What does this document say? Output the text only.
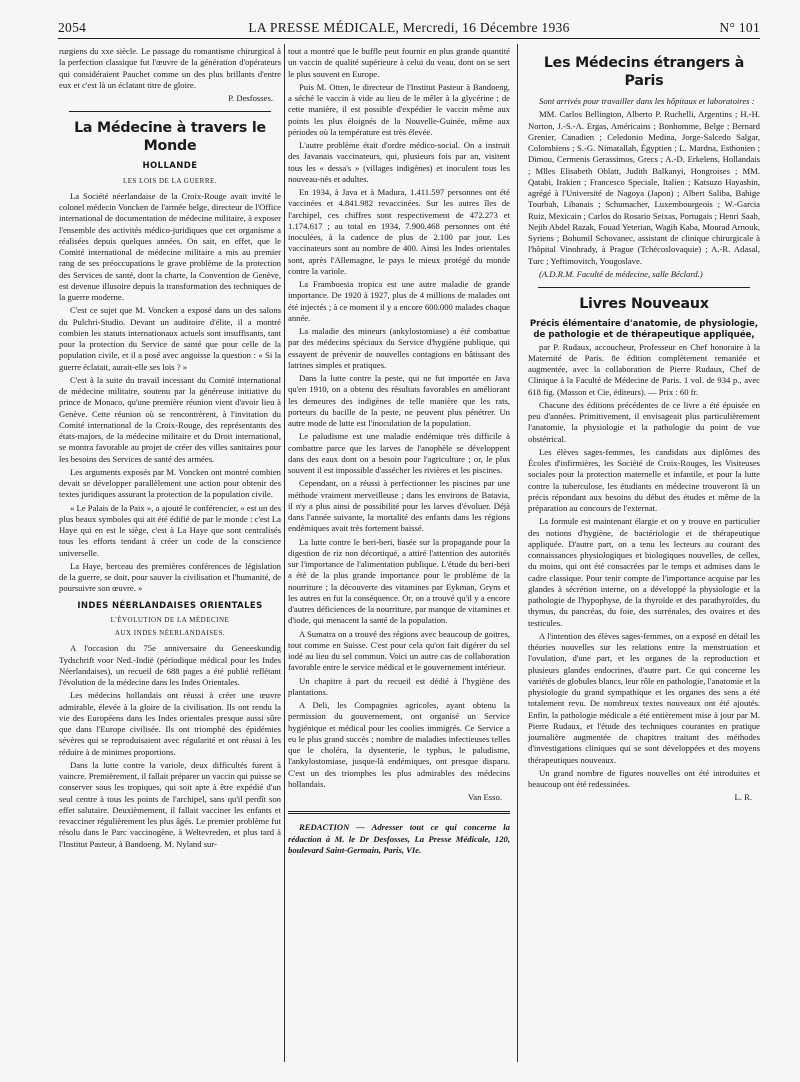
2054	LA PRESSE MÉDICALE, Mercredi, 16 Décembre 1936	N° 101

rurgiens du xxe siècle. Le passage du romantisme chirurgical à la perfection classique fut l'œuvre de la génération d'opérateurs qui considéraient Pauchet comme un des plus brillants d'entre eux et c'est là un éclatant titre de gloire.

P. Desfosses.
La Médecine à travers le Monde
HOLLANDE
LES LOIS DE LA GUERRE.

La Société néerlandaise de la Croix-Rouge avait invité le colonel médecin Voncken de l'armée belge, directeur de l'Office international de documentation de médecine militaire, à exposer l'ensemble des activités médico-juridiques que cet organisme a réalisées depuis quelques années. On sait, en effet, que le Comité international de médecine militaire a mis au premier rang de ses préoccupations le grave problème de la protection des Services de santé, dont la charte, la Convention de Genève, est devenue illusoire depuis la transformation des techniques de la guerre moderne.

C'est ce sujet que M. Voncken a exposé dans un des salons du Pulchri-Studio. Devant un auditoire d'élite, il a montré combien les statuts internationaux actuels sont insuffisants, tant pour la protection du Service de santé que pour celle de la population civile, et il a posé avec angoisse la question : « Si la guerre éclatait, aurait-elle ses lois ? »

C'est à la suite du travail incessant du Comité international de médecine militaire, soutenu par la généreuse initiative du prince de Monaco, qu'une première réunion vient d'avoir lieu à Genève. Cette réunion où se rencontrèrent, à l'invitation du Comité international de la Croix-Rouge, des représentants des états-majors, de la médecine militaire et du Droit international, se montra favorable au projet de créer des villes sanitaires pour les besoins des Services de santé des armées.

Les arguments exposés par M. Voncken ont montré combien devait se développer parallèlement une action pour obtenir des textes juridiques assurant la protection de la population civile.

« Le Palais de la Paix », a ajouté le conférencier, « est un des plus beaux symboles qui ait été édifié de par le monde : c'est La Haye qui en est le siège, c'est à La Haye que sont centralisés tous les efforts tendant à créer un code de la conscience universelle.

La Haye, berceau des premières conférences de législation de la guerre, se doit, pour sauver la civilisation et l'humanité, de poursuivre son œuvre. »

INDES NÉERLANDAISES ORIENTALES
L'ÉVOLUTION DE LA MÉDECINE
AUX INDES NÉERLANDAISES.

A l'occasion du 75e anniversaire du Geneeskundig Tydschrift voor Ned.-Indië (périodique médical pour les Indes Néerlandaises), un recueil de 688 pages a été publié reflétant l'évolution de la médecine dans les Indes Orientales.

Les médecins hollandais ont réussi à créer une œuvre admirable, élevée à la gloire de la civilisation. Ils ont rendu la vie des Européens dans les Indes orientales presque aussi sûre que dans l'Europe civilisée. Ils ont triomphé des épidémies sévères qui se reproduisaient avec régularité et ont réussi à les réduire à de minimes proportions.

Dans la lutte contre la variole, deux difficultés furent à vaincre. Premièrement, il fallait préparer un vaccin qui puisse se conserver sous les tropiques, qui soit apte à être expédié d'un seul centre à tous les points de l'archipel, sans qu'il perdît son effet salutaire. Deuxièmement, il fallait vacciner les enfants et revacciner régulièrement les plus âgés. Le premier problème fut résolu dans le Parc vaccinogène, à Weltevreden, et plus tard à l'Institut Pasteur, à Bandoeng. M. Nyland sur-

tout a montré que le buffle peut fournir en plus grande quantité un vaccin de qualité supérieure à celui du veau, dont on se sert le plus souvent en Europe.

Puis M. Otten, le directeur de l'Institut Pasteur à Bandoeng, a séché le vaccin à vide au lieu de le mêler à la glycérine ; de cette manière, il est possible d'expédier le vaccin même aux points les plus éloignés de la Nouvelle-Guinée, même aux périodes où la température est très élevée.

L'autre problème était d'ordre médico-social. On a instruit des Javanais vaccinateurs, qui, plusieurs fois par an, visitent tous les « dessa's » (villages indigènes) et inoculent tous les nouveau-nés et adultes.

En 1934, à Java et à Madura, 1.411.597 personnes ont été vaccinées et 4.841.982 revaccinées. Sur les autres îles de l'archipel, ces chiffres sont respectivement de 472.273 et 1.174.617 ; au total en 1934, 7.900.468 personnes ont été inoculées, à la cadence de plus de 2.100 par jour. Les vaccinateurs sont au nombre de 400. Ainsi les Indes orientales sont, après l'Allemagne, le pays le mieux protégé du monde contre la variole.

La Framboesia tropica est une autre maladie de grande importance. De 1920 à 1927, plus de 4 millions de malades ont été injectés ; à ce moment il y a encore 600.000 malades chaque année.

La maladie des mineurs (ankylostomiase) a été combattue par des médecins spéciaux du Service d'hygiène publique, qui essayent de prévenir de nouvelles contagions en bâtissant des latrines simples et pratiques.

Dans la lutte contre la peste, qui ne fut importée en Java qu'en 1910, on a obtenu des résultats favorables en améliorant les demeures des indigènes de telle manière que les rats, porteurs du bacille de la peste, ne peuvent plus pénétrer. Un autre mode de lutte est l'inoculation de la population.

Le paludisme est une maladie endémique très difficile à combattre parce que les larves de l'anophèle se développent dans des eaux dont on a besoin pour l'agriculture ; or, le plus souvent il est impossible d'assécher les rivières et les piscines.

Cependant, on a réussi à perfectionner les piscines par une méthode vraiment merveilleuse ; dans les environs de Batavia, il n'y a plus ainsi de possibilité pour les larves d'évoluer. Déjà dans l'année suivante, la mortalité des enfants dans les régions endémiques avait très fortement baissé.

La lutte contre le beri-beri, basée sur la propagande pour la digestion de riz non décortiqué, a attiré l'attention des autorités sur l'importance de l'alimentation publique. L'étude du beri-beri a été de la plus grande importance pour le problème de la nourriture ; la découverte des vitamines par Eykman, Gryns et les autres en fut la conséquence. Or, on a trouvé qu'il y a encore d'autres déficiences de la nourriture, par manque de vitamines et d'iode, qui menacent la santé de la population.

A Sumatra on a trouvé des régions avec beaucoup de goitres, tout comme en Suisse. C'est pour cela qu'on fait digérer du sel iodé au lieu du sel commun. Voici un autre cas de collaboration favorable entre le service médical et le gouvernement intérieur.

Un chapitre à part du recueil est dédié à l'hygiène des plantations.

A Deli, les Compagnies agricoles, ayant obtenu la permission du gouvernement, ont organisé un Service hygiénique et médical pour les coolies immigrés. Ce Service a eu le plus grand succès ; nombre de maladies infectieuses telles que le choléra, la dysenterie, le typhus, le paludisme, l'ankylostomiase, jusque-là endémiques, ont presque disparu. C'est un des triomphes les plus admirables des médecins hollandais.

Van Esso.

REDACTION — Adresser tout ce qui concerne la rédaction à M. le Dr Desfosses, La Presse Médicale, 120, boulevard Saint-Germain, Paris, VIe.

Les Médecins étrangers à Paris

Sont arrivés pour travailler dans les hôpitaux et laboratoires :

MM. Carlos Bellington, Alberto P. Ruchelli, Argentins ; H.-H. Norton, J.-S.-A. Ergas, Américains ; Bonhomme, Belge ; Bernard Grenier, Canadien ; Celedonio Medina, Jorge-Salcedo Salgar, Colombiens ; S.-G. Nimatallah, Égyptien ; L. Mardna, Esthonien ; Dimou, Cermenis Gerassimos, Grecs ; A.-D. Erkelens, Hollandais ; Mlles Elisabeth Oblatt, Judith Balkanyi, Hongroises ; MM. Qatabi, Irakien ; Francesco Speciale, Italien ; Katsuzo Hayashin, agrégé à l'Université de Nagoya (Japon) ; Albert Saliba, Bahige Tourbah, Libanais ; Schumacher, Luxembourgeois ; W.-Garcia Ruiz, Mexicain ; Carlos do Rosario Seixas, Portugais ; Henri Saab, Nejib Abdel Razak, Fouad Yeterian, Wagih Kaba, Mourad Arnouk, Syriens ; Bohumil Schovanec, assistant de clinique chirurgicale à l'hôpital Vinohrady, à Prague (Tchécoslovaquie) ; A.-R. Adasal, Turc ; Yeftimovitch, Yougoslave.

(A.D.R.M. Faculté de médecine, salle Béclard.)

Livres Nouveaux
Précis élémentaire d'anatomie, de physiologie, de pathologie et de thérapeutique appliquée,

par P. Rudaux, accoucheur, Professeur en Chef honoraire à la Maternité de Paris. 8e édition complètement remaniée et augmentée, avec la collaboration de Pierre Rudaux, Chef de Clinique à la Faculté de Médecine de Paris. 1 vol. de 934 p., avec 618 fig. (Masson et Cie, éditeurs). — Prix : 60 fr.

Chacune des éditions précédentes de ce livre a été épuisée en peu d'années. Primitivement, il envisageait plus particulièrement l'anatomie, la physiologie et la pathologie du point de vue obstétrical.

Les élèves sages-femmes, les candidats aux diplômes des Écoles d'infirmières, les Société de Croix-Rouges, les Visiteuses sociales pour la protection maternelle et infantile, et pour la lutte contre la tuberculose, les étudiants en médecine trouveront là un précis répondant aux besoins du début des études et même de la préparation au concours de l'externat.

La formule est maintenant élargie et on y trouve en particulier des notions d'hygiène, de bactériologie et de thérapeutique appliquée. D'autre part, on a tenu les lecteurs au courant des connaissances physiologiques et biologiques nouvelles, de celles, du moins, qui ont été consacrées par le temps et admises dans le cadre classique. Pour tenir compte de l'importance acquise par les glandes à sécrétion interne, on a développé la physiologie et la pathologie de l'hypophyse, de la thyroïde et des parathyroïdes, du thymus, du pancréas, du foie, des surrénales, des ovaires et des testicules.

A l'intention des élèves sages-femmes, on a exposé en détail les théories nouvelles sur les relations entre la menstruation et l'ovulation, d'une part, et les organes de la reproduction et plusieurs glandes endocrines, d'autre part. Ce qui concerne les variétés de globules blancs, leur rôle en pathologie, l'anatomie et la physiologie du grand sympathique et les organes des sens a été totalement revu. De nombreux textes nouveaux ont été ajoutés. Enfin, la pathologie médicale a été entièrement mise à jour par M. Pierre Rudaux, et l'étude des techniques courantes en pratique journalière augmentée de chapitres traitant des méthodes d'investigations cliniques qui se sont développées et des moyens thérapeutiques nouveaux.

Un grand nombre de figures nouvelles ont été introduites et beaucoup ont été redessinées.

L. R.
